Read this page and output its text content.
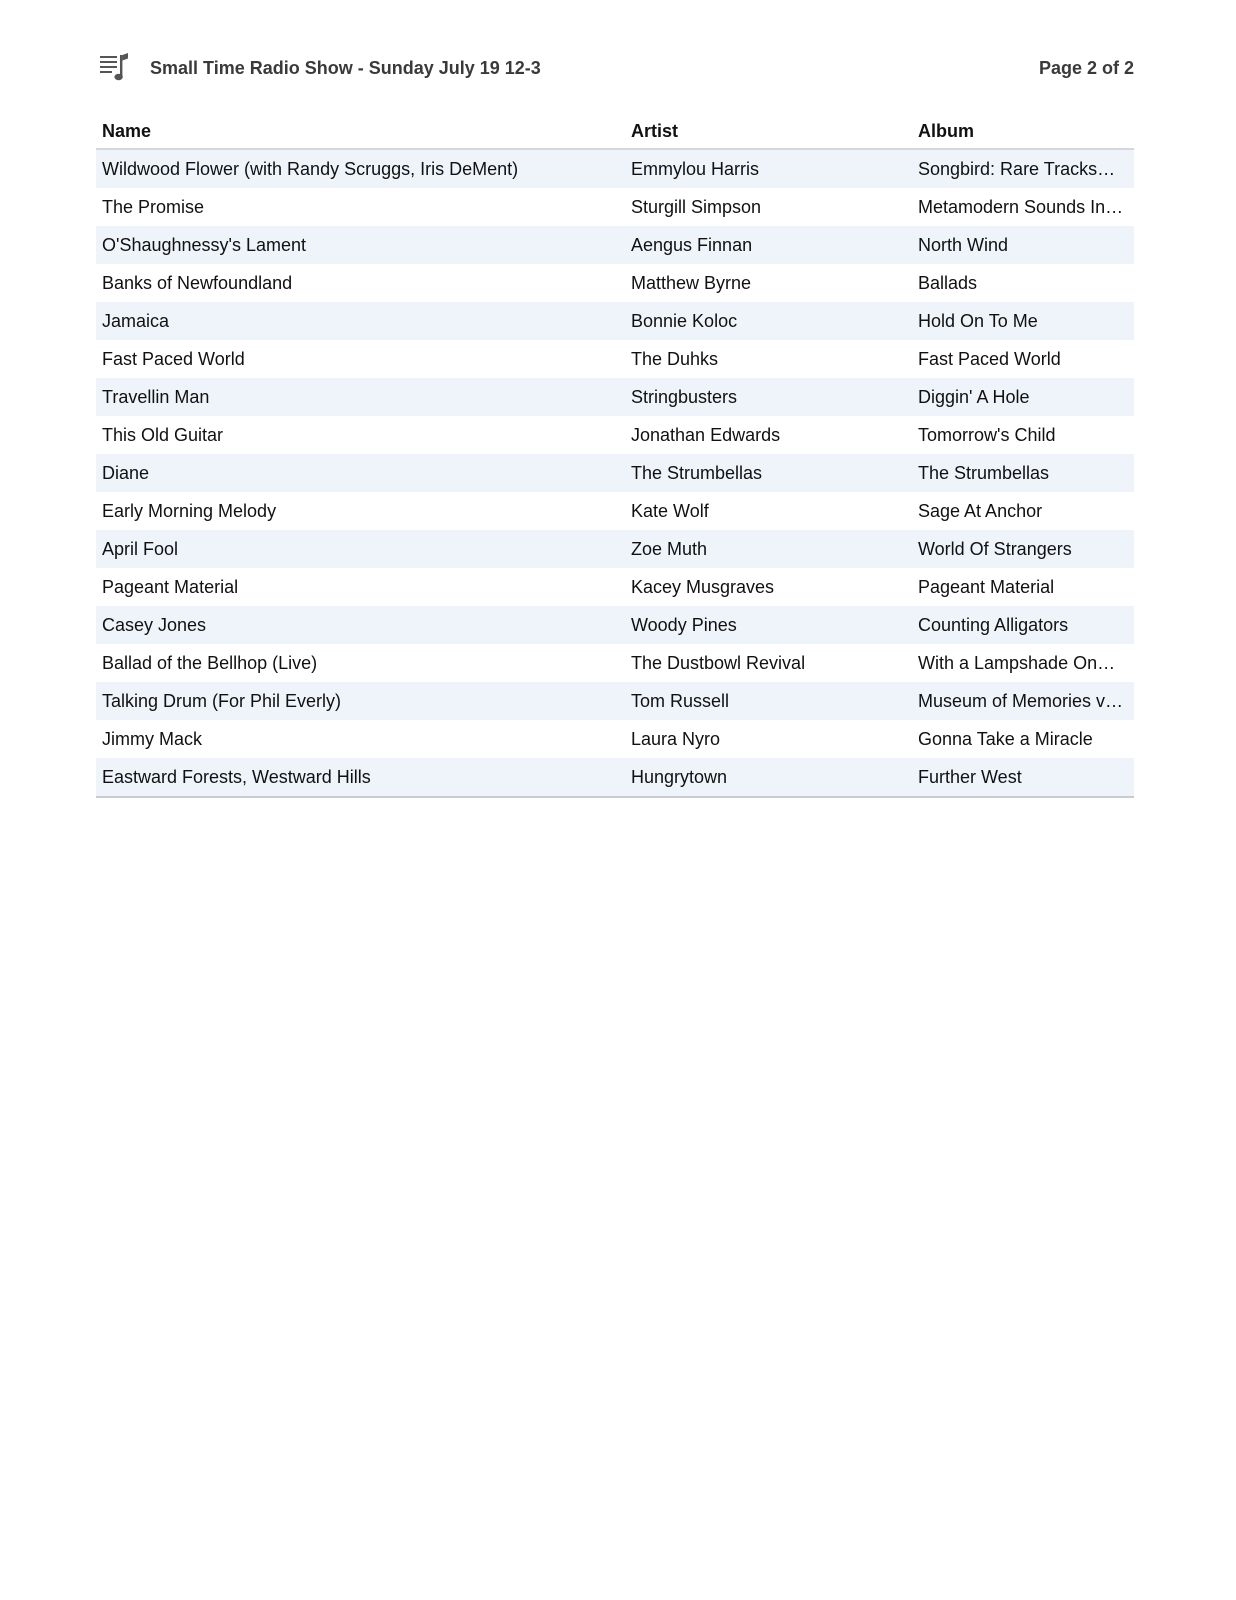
Small Time Radio Show - Sunday July 19 12-3	Page 2 of 2
Name	Artist	Album
Wildwood Flower (with Randy Scruggs, Iris DeMent)	Emmylou Harris	Songbird: Rare Tracks…
The Promise	Sturgill Simpson	Metamodern Sounds In…
O'Shaughnessy's Lament	Aengus Finnan	North Wind
Banks of Newfoundland	Matthew Byrne	Ballads
Jamaica	Bonnie Koloc	Hold On To Me
Fast Paced World	The Duhks	Fast Paced World
Travellin Man	Stringbusters	Diggin' A Hole
This Old Guitar	Jonathan Edwards	Tomorrow's Child
Diane	The Strumbellas	The Strumbellas
Early Morning Melody	Kate Wolf	Sage At Anchor
April Fool	Zoe Muth	World Of Strangers
Pageant Material	Kacey Musgraves	Pageant Material
Casey Jones	Woody Pines	Counting Alligators
Ballad of the Bellhop (Live)	The Dustbowl Revival	With a Lampshade On…
Talking Drum (For Phil Everly)	Tom Russell	Museum of Memories v…
Jimmy Mack	Laura Nyro	Gonna Take a Miracle
Eastward Forests, Westward Hills	Hungrytown	Further West
